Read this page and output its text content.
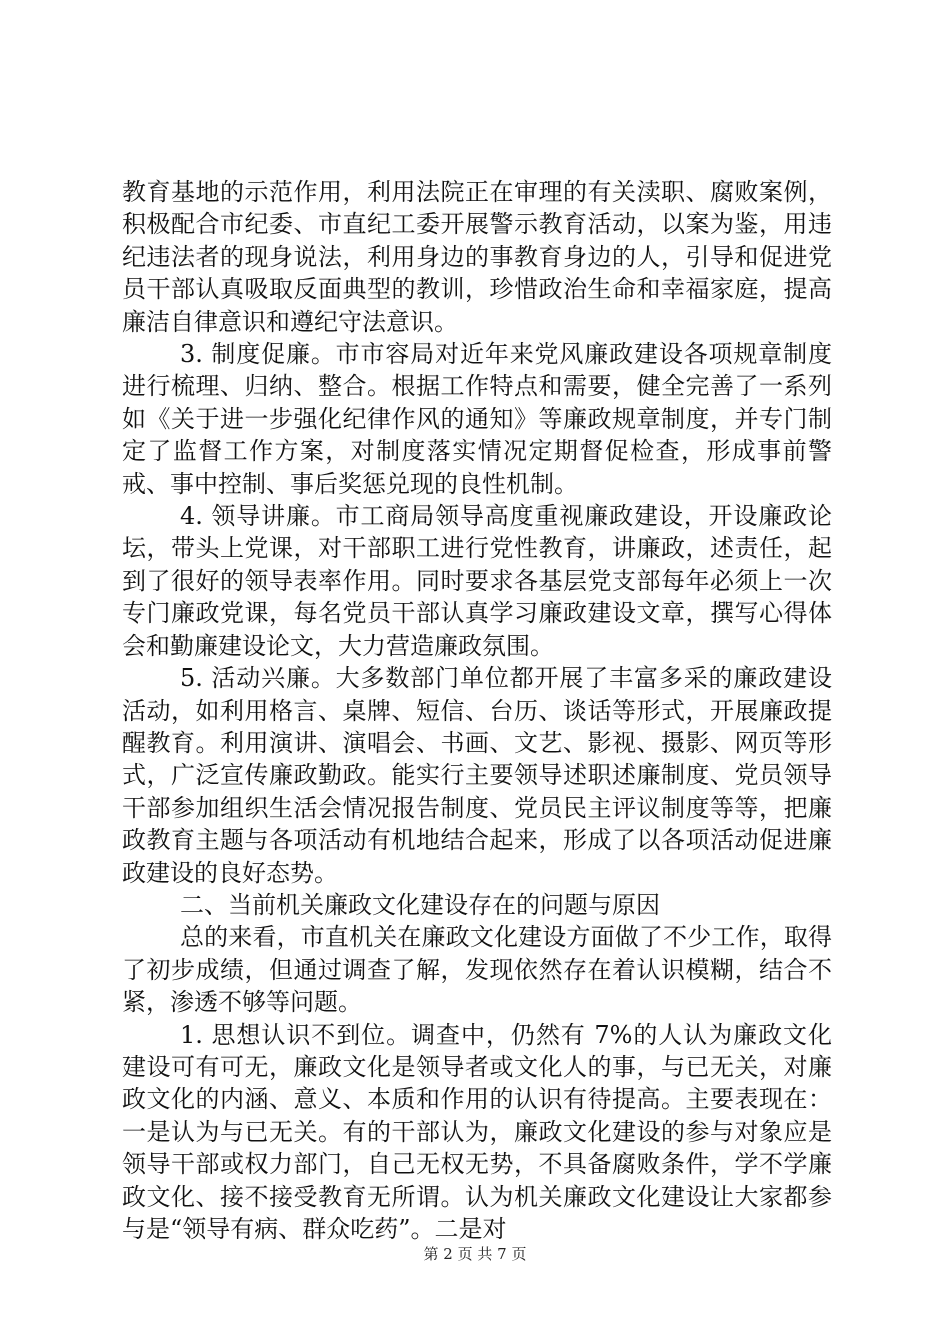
教育基地的示范作用，利用法院正在审理的有关渎职、腐败案例，积极配合市纪委、市直纪工委开展警示教育活动，以案为鉴，用违纪违法者的现身说法，利用身边的事教育身边的人，引导和促进党员干部认真吸取反面典型的教训，珍惜政治生命和幸福家庭，提高廉洁自律意识和遵纪守法意识。

3. 制度促廉。市市容局对近年来党风廉政建设各项规章制度进行梳理、归纳、整合。根据工作特点和需要，健全完善了一系列如《关于进一步强化纪律作风的通知》等廉政规章制度，并专门制定了监督工作方案，对制度落实情况定期督促检查，形成事前警戒、事中控制、事后奖惩兑现的良性机制。

4. 领导讲廉。市工商局领导高度重视廉政建设，开设廉政论坛，带头上党课，对干部职工进行党性教育，讲廉政，述责任，起到了很好的领导表率作用。同时要求各基层党支部每年必须上一次专门廉政党课，每名党员干部认真学习廉政建设文章，撰写心得体会和勤廉建设论文，大力营造廉政氛围。

5. 活动兴廉。大多数部门单位都开展了丰富多采的廉政建设活动，如利用格言、桌牌、短信、台历、谈话等形式，开展廉政提醒教育。利用演讲、演唱会、书画、文艺、影视、摄影、网页等形式，广泛宣传廉政勤政。能实行主要领导述职述廉制度、党员领导干部参加组织生活会情况报告制度、党员民主评议制度等等，把廉政教育主题与各项活动有机地结合起来，形成了以各项活动促进廉政建设的良好态势。

二、当前机关廉政文化建设存在的问题与原因

总的来看，市直机关在廉政文化建设方面做了不少工作，取得了初步成绩，但通过调查了解，发现依然存在着认识模糊，结合不紧，渗透不够等问题。

1. 思想认识不到位。调查中，仍然有 7%的人认为廉政文化建设可有可无，廉政文化是领导者或文化人的事，与已无关，对廉政文化的内涵、意义、本质和作用的认识有待提高。主要表现在：一是认为与已无关。有的干部认为，廉政文化建设的参与对象应是领导干部或权力部门，自己无权无势，不具备腐败条件，学不学廉政文化、接不接受教育无所谓。认为机关廉政文化建设让大家都参与是“领导有病、群众吃药”。二是对

第 2 页 共 7 页
